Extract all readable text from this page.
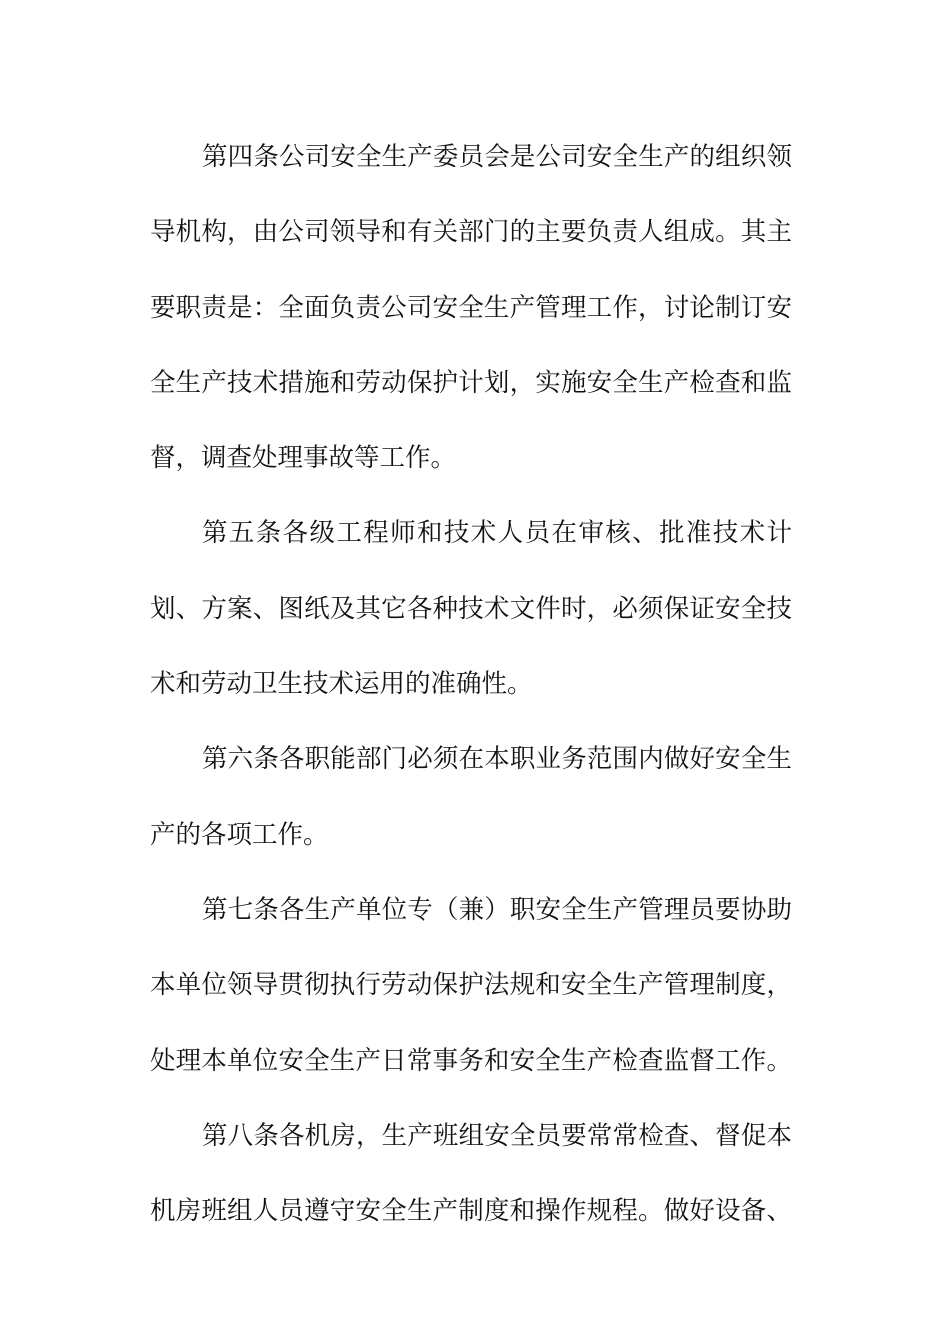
第四条公司安全生产委员会是公司安全生产的组织领
导机构，由公司领导和有关部门的主要负责人组成。其主
要职责是：全面负责公司安全生产管理工作，讨论制订安
全生产技术措施和劳动保护计划，实施安全生产检查和监
督，调查处理事故等工作。
第五条各级工程师和技术人员在审核、批准技术计
划、方案、图纸及其它各种技术文件时，必须保证安全技
术和劳动卫生技术运用的准确性。
第六条各职能部门必须在本职业务范围内做好安全生
产的各项工作。
第七条各生产单位专（兼）职安全生产管理员要协助
本单位领导贯彻执行劳动保护法规和安全生产管理制度，
处理本单位安全生产日常事务和安全生产检查监督工作。
第八条各机房，生产班组安全员要常常检查、督促本
机房班组人员遵守安全生产制度和操作规程。做好设备、
